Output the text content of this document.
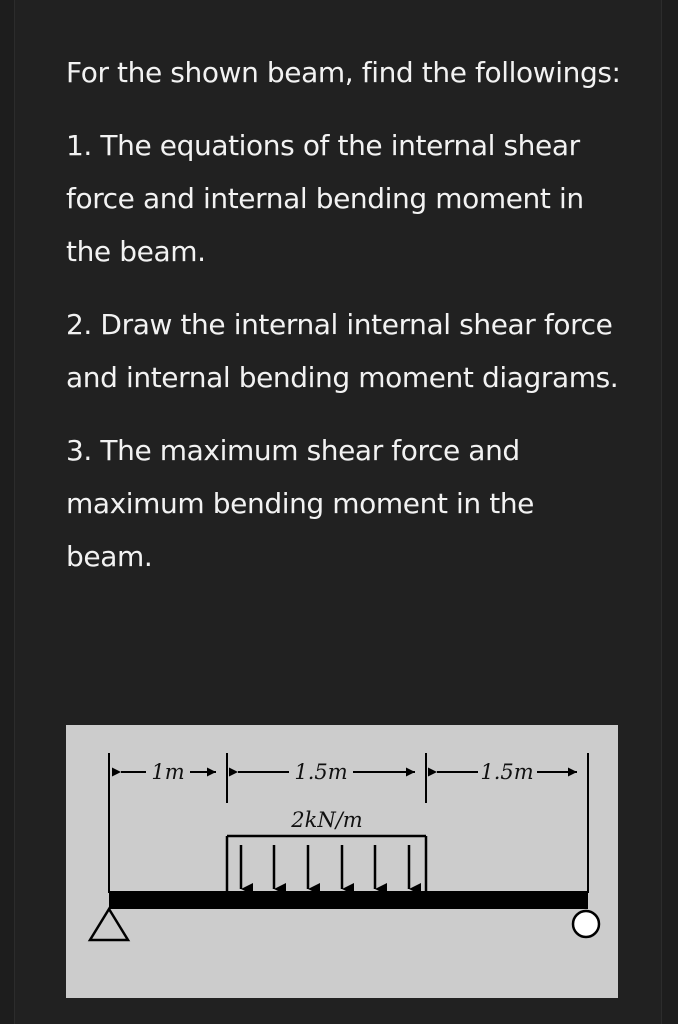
For the shown beam, find the followings:

1. The equations of the internal shear force and internal bending moment in the beam.

2. Draw the internal internal shear force and internal bending moment diagrams.

3. The maximum shear force and maximum bending moment in the beam.

1m	1.5m	1.5m
2kN/m
